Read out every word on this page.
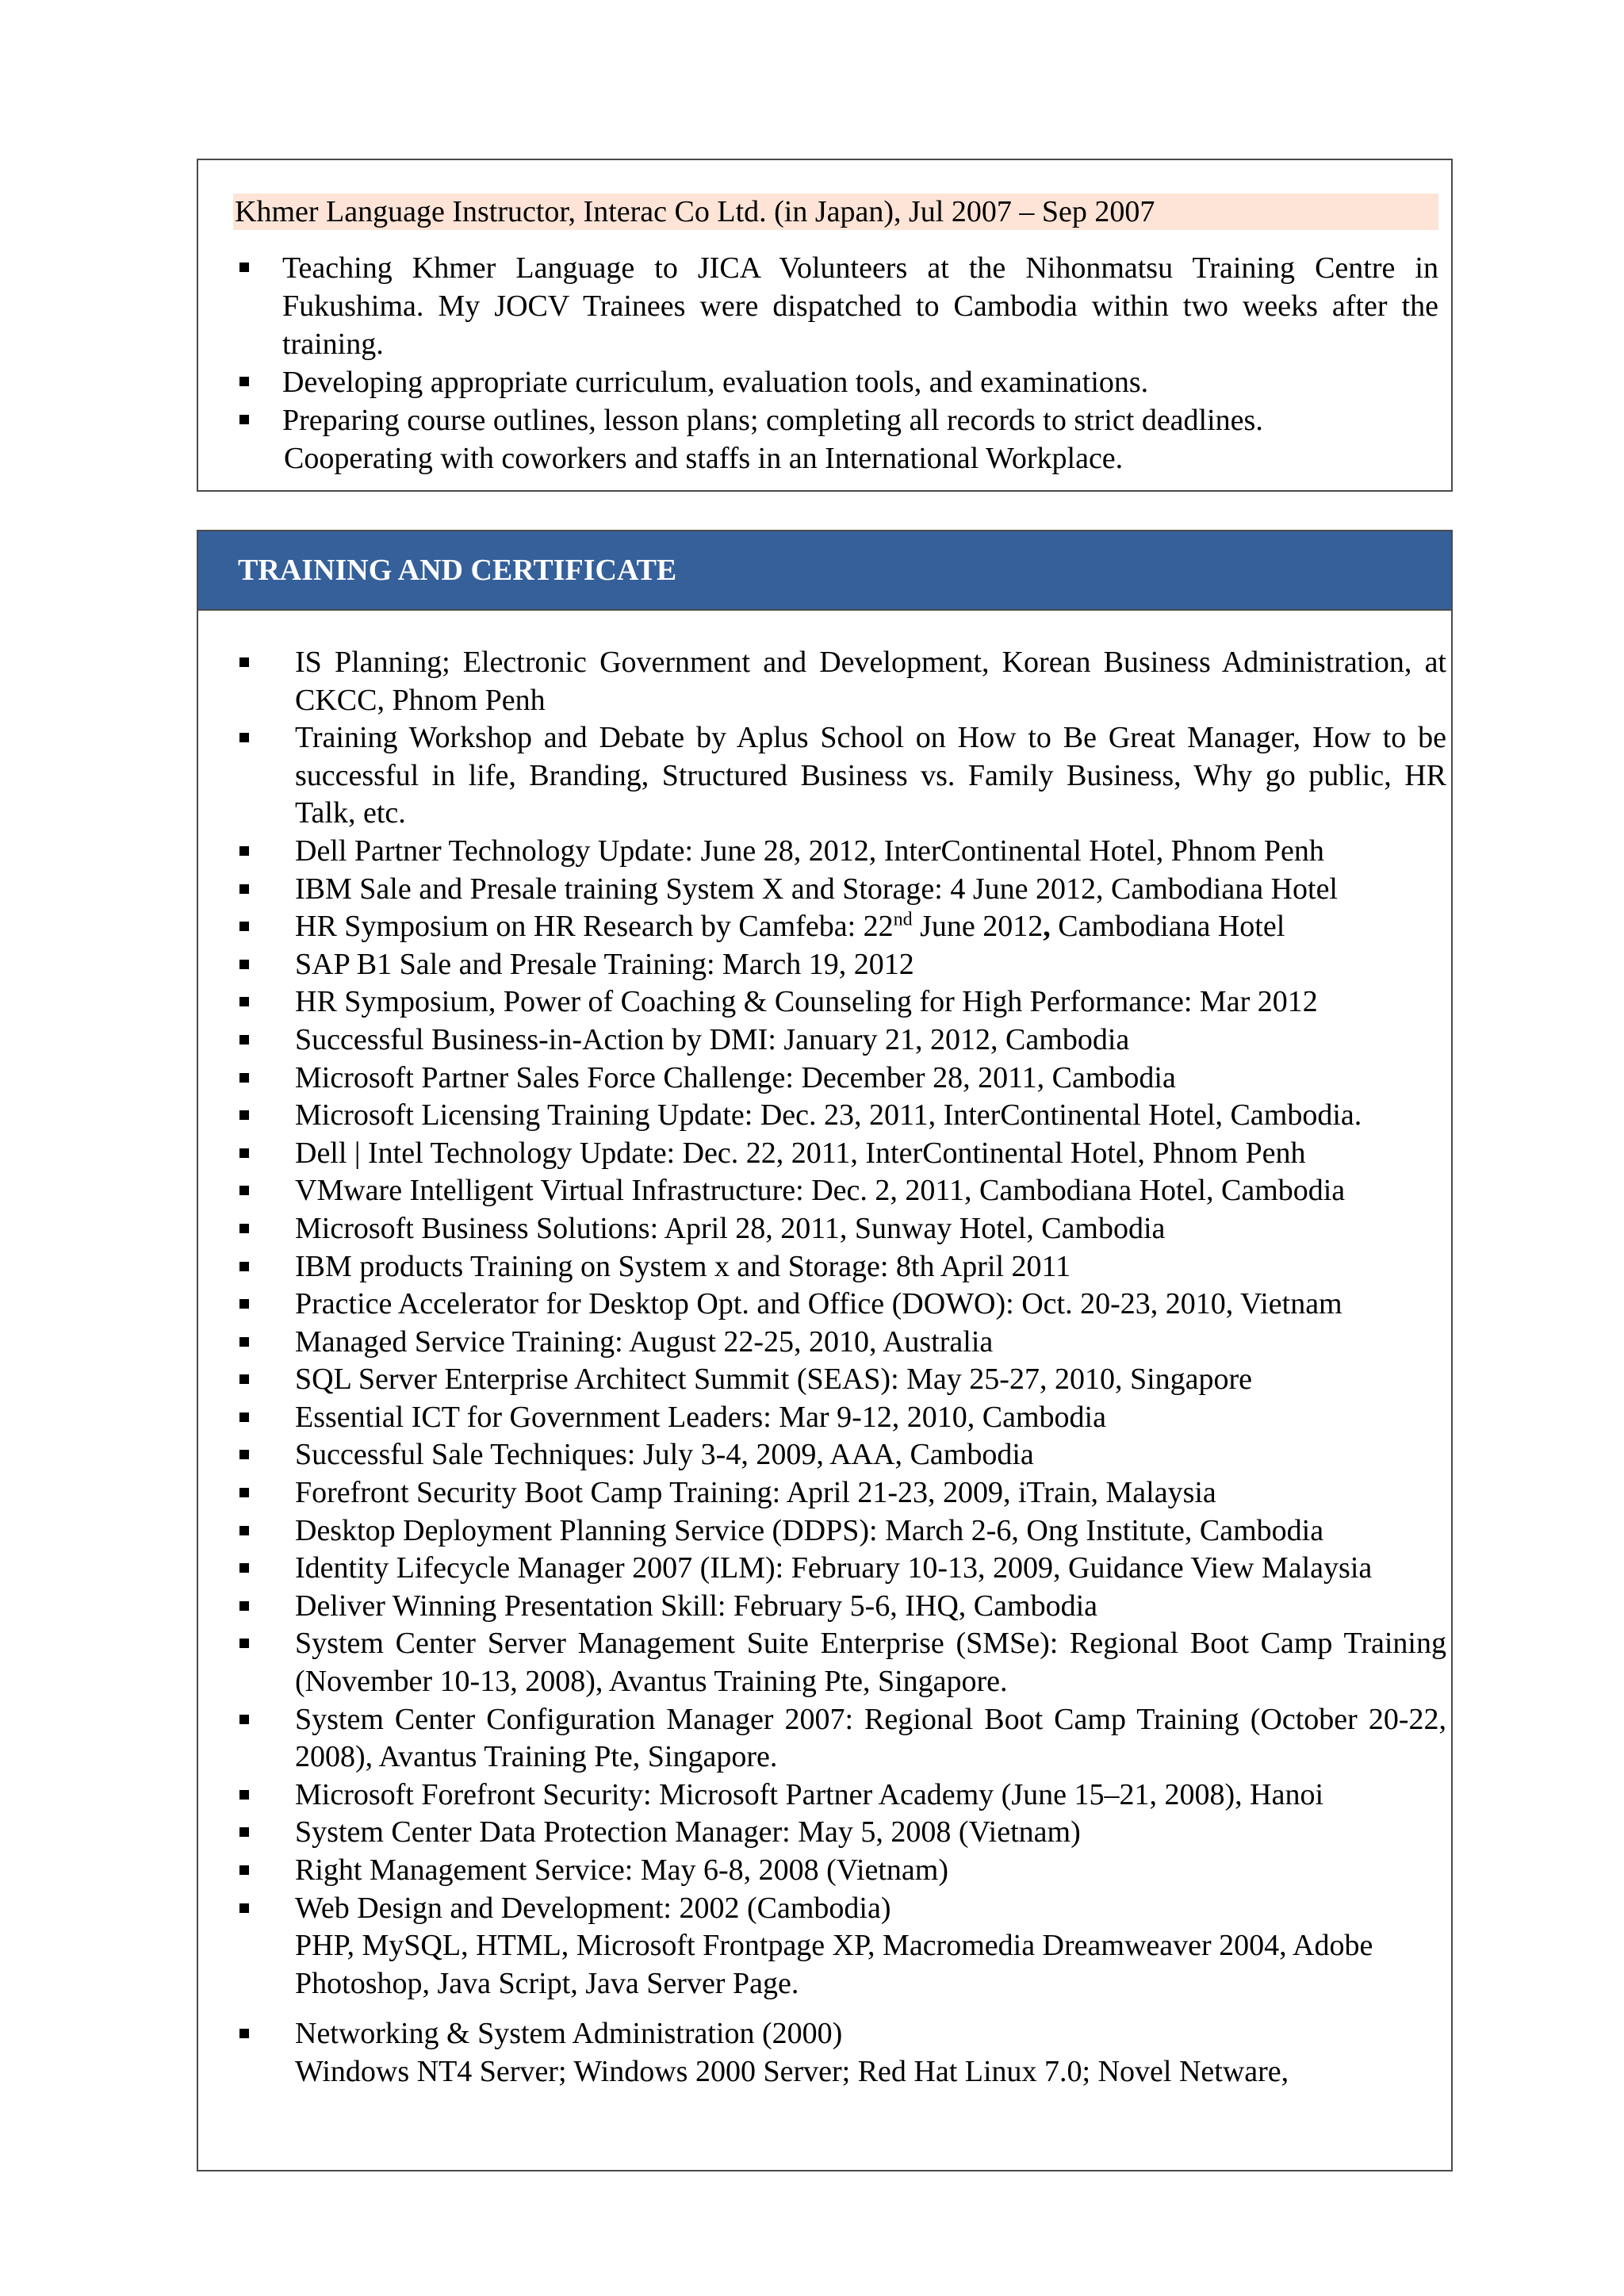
Khmer Language Instructor, Interac Co Ltd. (in Japan), Jul 2007 – Sep 2007
Teaching Khmer Language to JICA Volunteers at the Nihonmatsu Training Centre in Fukushima. My JOCV Trainees were dispatched to Cambodia within two weeks after the training.
Developing appropriate curriculum, evaluation tools, and examinations.
Preparing course outlines, lesson plans; completing all records to strict deadlines.
Cooperating with coworkers and staffs in an International Workplace.
TRAINING AND CERTIFICATE
IS Planning; Electronic Government and Development, Korean Business Administration, at CKCC, Phnom Penh
Training Workshop and Debate by Aplus School on How to Be Great Manager, How to be successful in life, Branding, Structured Business vs. Family Business, Why go public, HR Talk, etc.
Dell Partner Technology Update: June 28, 2012, InterContinental Hotel, Phnom Penh
IBM Sale and Presale training System X and Storage: 4 June 2012, Cambodiana Hotel
HR Symposium on HR Research by Camfeba: 22nd June 2012, Cambodiana Hotel
SAP B1 Sale and Presale Training: March 19, 2012
HR Symposium, Power of Coaching & Counseling for High Performance: Mar 2012
Successful Business-in-Action by DMI: January 21, 2012, Cambodia
Microsoft Partner Sales Force Challenge: December 28, 2011, Cambodia
Microsoft Licensing Training Update: Dec. 23, 2011, InterContinental Hotel, Cambodia.
Dell | Intel Technology Update: Dec. 22, 2011, InterContinental Hotel, Phnom Penh
VMware Intelligent Virtual Infrastructure: Dec. 2, 2011, Cambodiana Hotel, Cambodia
Microsoft Business Solutions: April 28, 2011, Sunway Hotel, Cambodia
IBM products Training on System x and Storage: 8th April 2011
Practice Accelerator for Desktop Opt. and Office (DOWO): Oct. 20-23, 2010, Vietnam
Managed Service Training: August 22-25, 2010, Australia
SQL Server Enterprise Architect Summit (SEAS): May 25-27, 2010, Singapore
Essential ICT for Government Leaders: Mar 9-12, 2010, Cambodia
Successful Sale Techniques: July 3-4, 2009, AAA, Cambodia
Forefront Security Boot Camp Training: April 21-23, 2009, iTrain, Malaysia
Desktop Deployment Planning Service (DDPS): March 2-6, Ong Institute, Cambodia
Identity Lifecycle Manager 2007 (ILM): February 10-13, 2009, Guidance View Malaysia
Deliver Winning Presentation Skill: February 5-6, IHQ, Cambodia
System Center Server Management Suite Enterprise (SMSe): Regional Boot Camp Training (November 10-13, 2008), Avantus Training Pte, Singapore.
System Center Configuration Manager 2007: Regional Boot Camp Training (October 20-22, 2008), Avantus Training Pte, Singapore.
Microsoft Forefront Security: Microsoft Partner Academy (June 15–21, 2008), Hanoi
System Center Data Protection Manager: May 5, 2008 (Vietnam)
Right Management Service: May 6-8, 2008 (Vietnam)
Web Design and Development: 2002 (Cambodia)
PHP, MySQL, HTML, Microsoft Frontpage XP, Macromedia Dreamweaver 2004, Adobe Photoshop, Java Script, Java Server Page.
Networking & System Administration (2000)
Windows NT4 Server; Windows 2000 Server; Red Hat Linux 7.0; Novel Netware,
